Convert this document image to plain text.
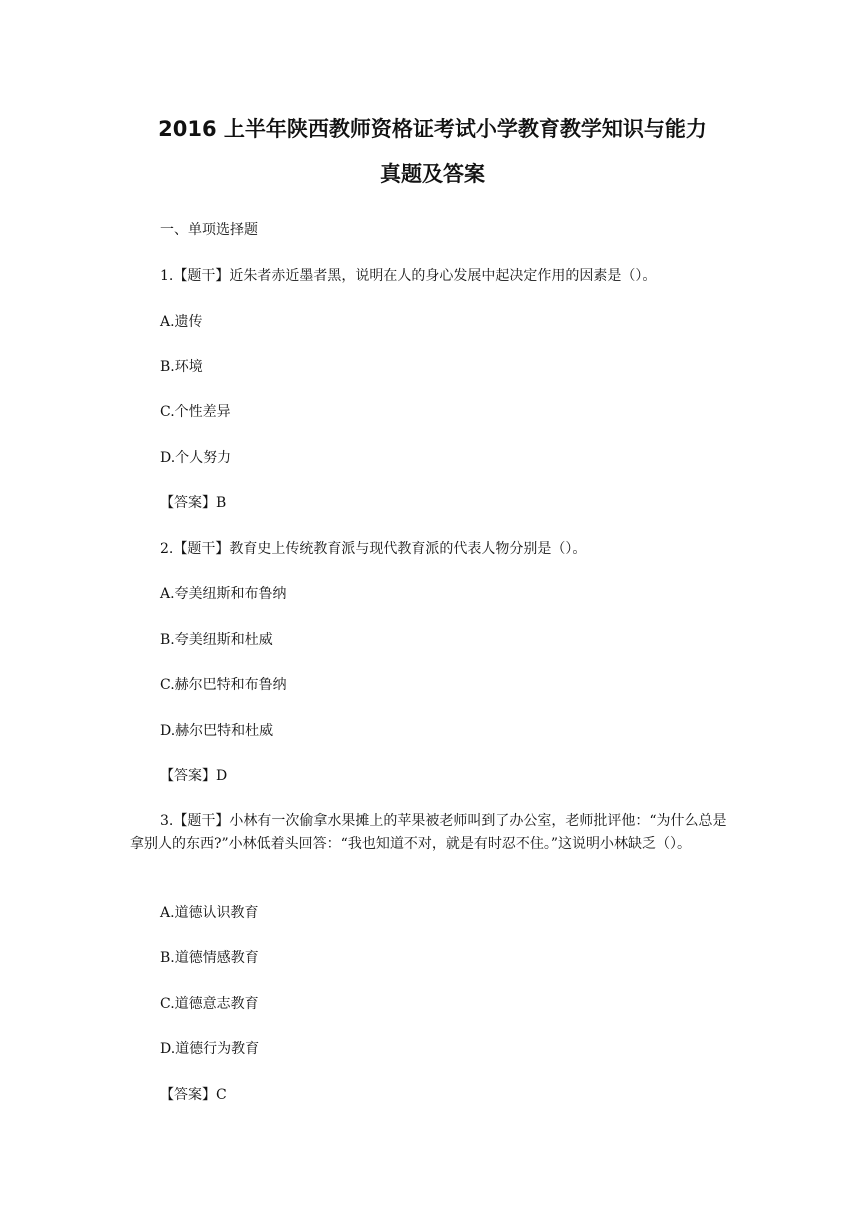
2016 上半年陕西教师资格证考试小学教育教学知识与能力
真题及答案
一、单项选择题
1.【题干】近朱者赤近墨者黑，说明在人的身心发展中起决定作用的因素是（）。
A.遗传
B.环境
C.个性差异
D.个人努力
【答案】B
2.【题干】教育史上传统教育派与现代教育派的代表人物分别是（）。
A.夸美纽斯和布鲁纳
B.夸美纽斯和杜威
C.赫尔巴特和布鲁纳
D.赫尔巴特和杜威
【答案】D
3.【题干】小林有一次偷拿水果摊上的苹果被老师叫到了办公室，老师批评他：“为什么总是拿别人的东西?”小林低着头回答：“我也知道不对，就是有时忍不住。”这说明小林缺乏（）。
A.道德认识教育
B.道德情感教育
C.道德意志教育
D.道德行为教育
【答案】C
